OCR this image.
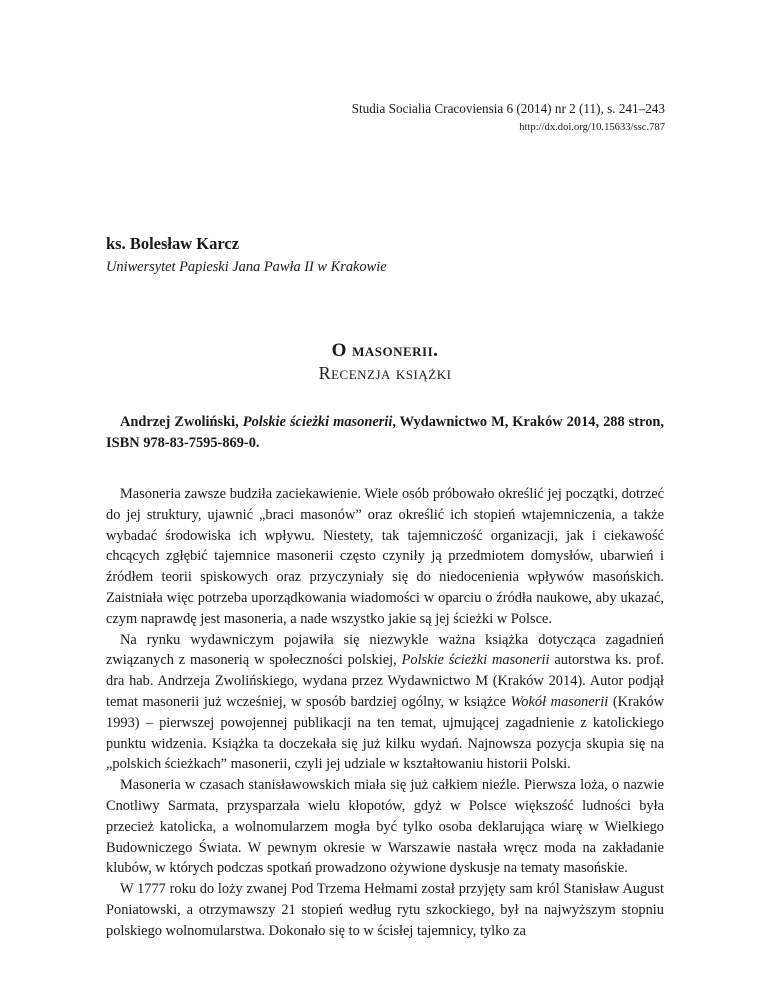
Studia Socialia Cracoviensia 6 (2014) nr 2 (11), s. 241–243
http://dx.doi.org/10.15633/ssc.787
ks. Bolesław Karcz
Uniwersytet Papieski Jana Pawła II w Krakowie

O masonerii.

Recenzja książki

Andrzej Zwoliński, Polskie ścieżki masonerii, Wydawnictwo M, Kraków 2014, 288 stron, ISBN 978-83-7595-869-0.

Masoneria zawsze budziła zaciekawienie. Wiele osób próbowało określić jej początki, dotrzeć do jej struktury, ujawnić „braci masonów” oraz określić ich stopień wtajemniczenia, a także wybadać środowiska ich wpływu. Niestety, tak tajemniczość organizacji, jak i ciekawość chcących zgłębić tajemnice masonerii często czyniły ją przedmiotem domysłów, ubarwień i źródłem teorii spiskowych oraz przyczyniały się do niedocenienia wpływów masońskich. Zaistniała więc potrzeba uporządkowania wiadomości w oparciu o źródła naukowe, aby ukazać, czym naprawdę jest masoneria, a nade wszystko jakie są jej ścieżki w Polsce.

Na rynku wydawniczym pojawiła się niezwykle ważna książka dotycząca zagadnień związanych z masonerią w społeczności polskiej, Polskie ścieżki masonerii autorstwa ks. prof. dra hab. Andrzeja Zwolińskiego, wydana przez Wydawnictwo M (Kraków 2014). Autor podjął temat masonerii już wcześniej, w sposób bardziej ogólny, w książce Wokół masonerii (Kraków 1993) – pierwszej powojennej publikacji na ten temat, ujmującej zagadnienie z katolickiego punktu widzenia. Książka ta doczekała się już kilku wydań. Najnowsza pozycja skupia się na „polskich ścieżkach” masonerii, czyli jej udziale w kształtowaniu historii Polski.

Masoneria w czasach stanisławowskich miała się już całkiem nieźle. Pierwsza loża, o nazwie Cnotliwy Sarmata, przysparzała wielu kłopotów, gdyż w Polsce większość ludności była przecież katolicka, a wolnomularzem mogła być tylko osoba deklarująca wiarę w Wielkiego Budowniczego Świata. W pewnym okresie w Warszawie nastała wręcz moda na zakładanie klubów, w których podczas spotkań prowadzono ożywione dyskusje na tematy masońskie.

W 1777 roku do loży zwanej Pod Trzema Hełmami został przyjęty sam król Stanisław August Poniatowski, a otrzymawszy 21 stopień według rytu szkockiego, był na najwyższym stopniu polskiego wolnomularstwa. Dokonało się to w ścisłej tajemnicy, tylko za
